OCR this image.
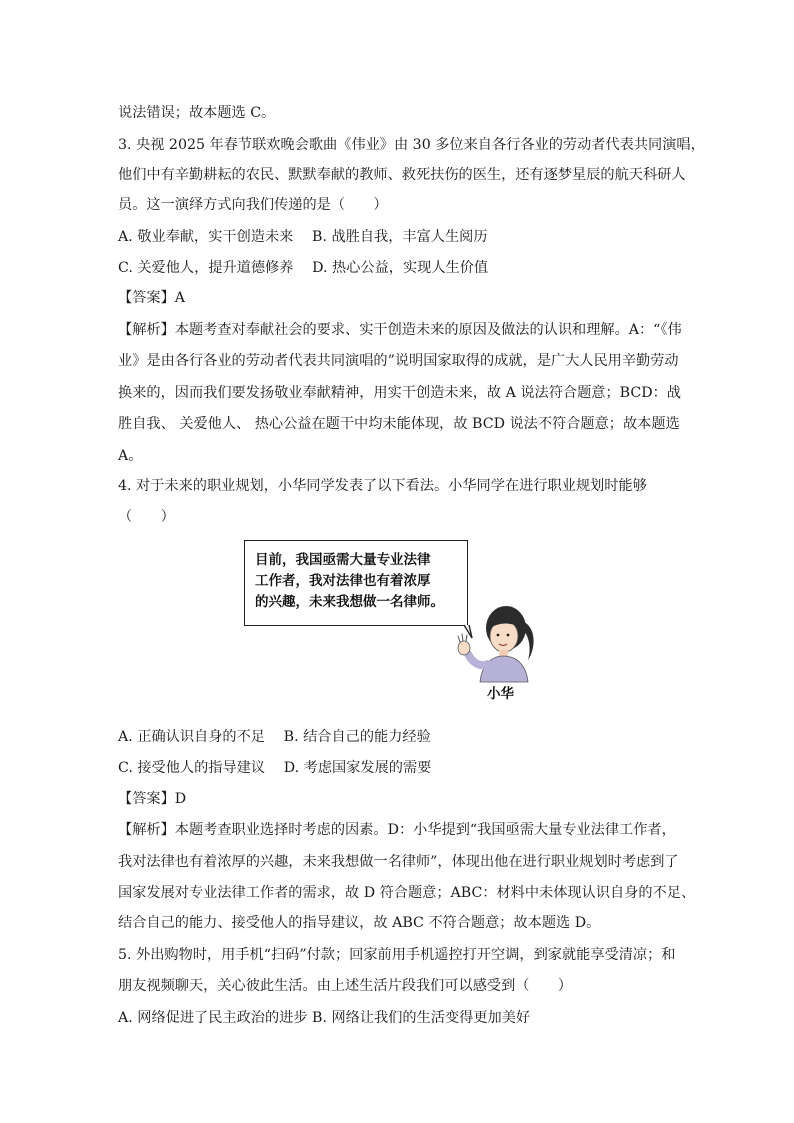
说法错误；故本题选 C。
3. 央视 2025 年春节联欢晚会歌曲《伟业》由 30 多位来自各行各业的劳动者代表共同演唱，
他们中有辛勤耕耘的农民、默默奉献的教师、救死扶伤的医生，还有逐梦星辰的航天科研人
员。这一演绎方式向我们传递的是（　　）
A. 敬业奉献，实干创造未来　 B. 战胜自我，丰富人生阅历
C. 关爱他人，提升道德修养　 D. 热心公益，实现人生价值
【答案】A
【解析】本题考查对奉献社会的要求、实干创造未来的原因及做法的认识和理解。A：“《伟
业》是由各行各业的劳动者代表共同演唱的”说明国家取得的成就，是广大人民用辛勤劳动
换来的，因而我们要发扬敬业奉献精神，用实干创造未来，故 A 说法符合题意；BCD：战
胜自我、 关爱他人、 热心公益在题干中均未能体现，故 BCD 说法不符合题意；故本题选
A。
4. 对于未来的职业规划，小华同学发表了以下看法。小华同学在进行职业规划时能够
（　　）
目前，我国亟需大量专业法律
工作者，我对法律也有着浓厚
的兴趣，未来我想做一名律师。
小华
A. 正确认识自身的不足　 B. 结合自己的能力经验
C. 接受他人的指导建议　 D. 考虑国家发展的需要
【答案】D
【解析】本题考查职业选择时考虑的因素。D：小华提到“我国亟需大量专业法律工作者，
我对法律也有着浓厚的兴趣，未来我想做一名律师”，体现出他在进行职业规划时考虑到了
国家发展对专业法律工作者的需求，故 D 符合题意；ABC：材料中未体现认识自身的不足、
结合自己的能力、接受他人的指导建议，故 ABC 不符合题意；故本题选 D。
5. 外出购物时，用手机“扫码”付款；回家前用手机遥控打开空调，到家就能享受清凉；和
朋友视频聊天，关心彼此生活。由上述生活片段我们可以感受到（　　）
A. 网络促进了民主政治的进步 B. 网络让我们的生活变得更加美好
